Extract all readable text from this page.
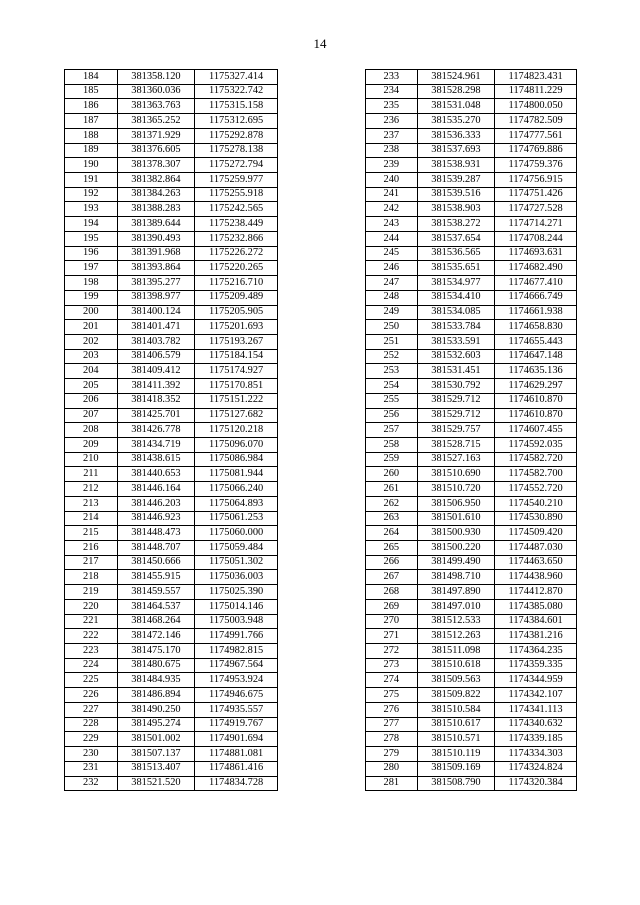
14
184	381358.120	1175327.414
185	381360.036	1175322.742
186	381363.763	1175315.158
187	381365.252	1175312.695
188	381371.929	1175292.878
189	381376.605	1175278.138
190	381378.307	1175272.794
191	381382.864	1175259.977
192	381384.263	1175255.918
193	381388.283	1175242.565
194	381389.644	1175238.449
195	381390.493	1175232.866
196	381391.968	1175226.272
197	381393.864	1175220.265
198	381395.277	1175216.710
199	381398.977	1175209.489
200	381400.124	1175205.905
201	381401.471	1175201.693
202	381403.782	1175193.267
203	381406.579	1175184.154
204	381409.412	1175174.927
205	381411.392	1175170.851
206	381418.352	1175151.222
207	381425.701	1175127.682
208	381426.778	1175120.218
209	381434.719	1175096.070
210	381438.615	1175086.984
211	381440.653	1175081.944
212	381446.164	1175066.240
213	381446.203	1175064.893
214	381446.923	1175061.253
215	381448.473	1175060.000
216	381448.707	1175059.484
217	381450.666	1175051.302
218	381455.915	1175036.003
219	381459.557	1175025.390
220	381464.537	1175014.146
221	381468.264	1175003.948
222	381472.146	1174991.766
223	381475.170	1174982.815
224	381480.675	1174967.564
225	381484.935	1174953.924
226	381486.894	1174946.675
227	381490.250	1174935.557
228	381495.274	1174919.767
229	381501.002	1174901.694
230	381507.137	1174881.081
231	381513.407	1174861.416
232	381521.520	1174834.728
233	381524.961	1174823.431
234	381528.298	1174811.229
235	381531.048	1174800.050
236	381535.270	1174782.509
237	381536.333	1174777.561
238	381537.693	1174769.886
239	381538.931	1174759.376
240	381539.287	1174756.915
241	381539.516	1174751.426
242	381538.903	1174727.528
243	381538.272	1174714.271
244	381537.654	1174708.244
245	381536.565	1174693.631
246	381535.651	1174682.490
247	381534.977	1174677.410
248	381534.410	1174666.749
249	381534.085	1174661.938
250	381533.784	1174658.830
251	381533.591	1174655.443
252	381532.603	1174647.148
253	381531.451	1174635.136
254	381530.792	1174629.297
255	381529.712	1174610.870
256	381529.712	1174610.870
257	381529.757	1174607.455
258	381528.715	1174592.035
259	381527.163	1174582.720
260	381510.690	1174582.700
261	381510.720	1174552.720
262	381506.950	1174540.210
263	381501.610	1174530.890
264	381500.930	1174509.420
265	381500.220	1174487.030
266	381499.490	1174463.650
267	381498.710	1174438.960
268	381497.890	1174412.870
269	381497.010	1174385.080
270	381512.533	1174384.601
271	381512.263	1174381.216
272	381511.098	1174364.235
273	381510.618	1174359.335
274	381509.563	1174344.959
275	381509.822	1174342.107
276	381510.584	1174341.113
277	381510.617	1174340.632
278	381510.571	1174339.185
279	381510.119	1174334.303
280	381509.169	1174324.824
281	381508.790	1174320.384
